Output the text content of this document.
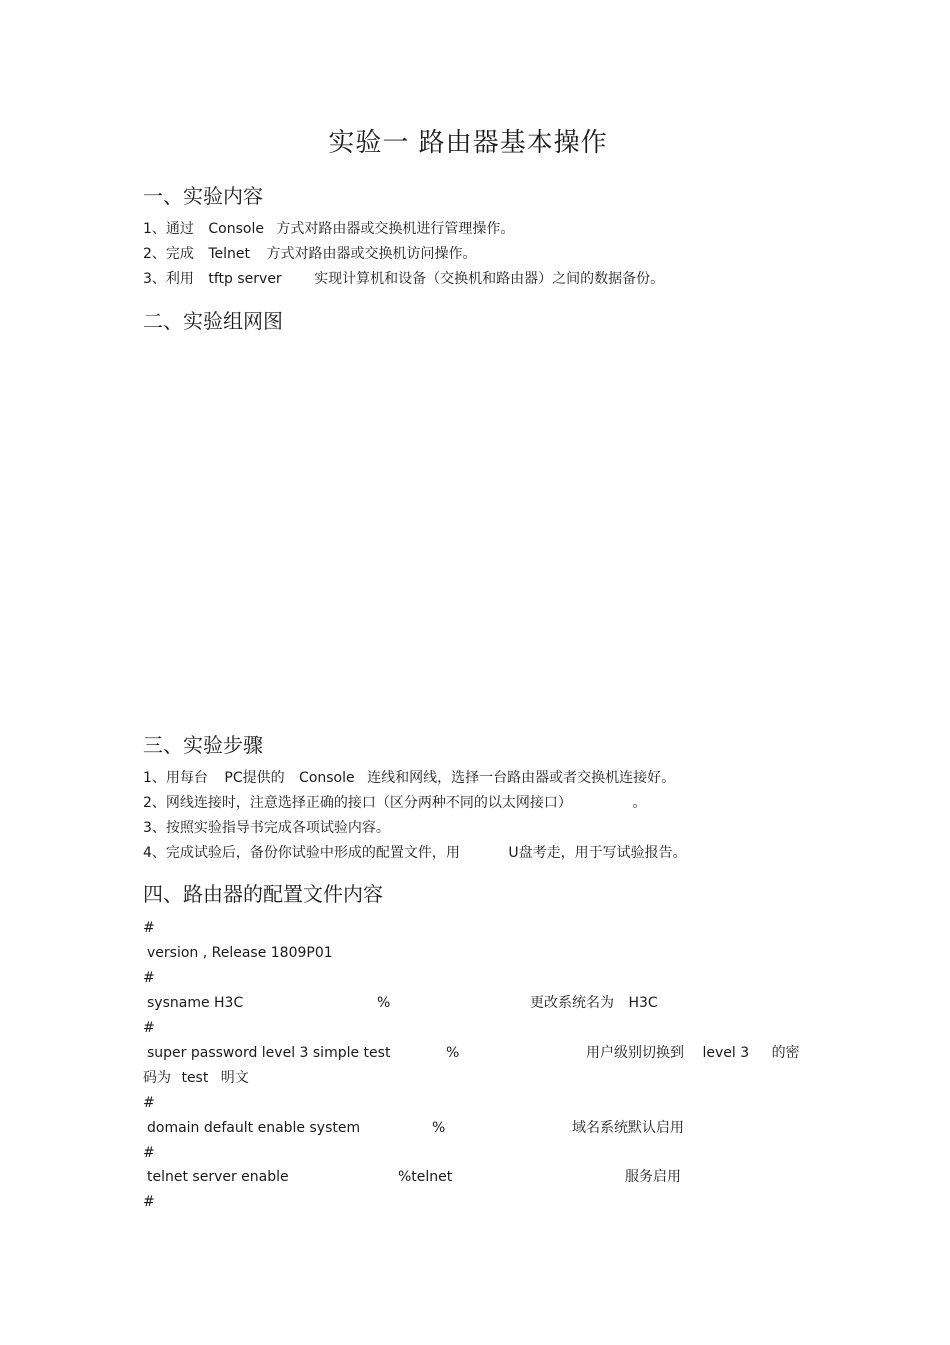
实验一 路由器基本操作
一、实验内容
1、通过 Console 方式对路由器或交换机进行管理操作。
2、完成 Telnet 方式对路由器或交换机访问操作。
3、利用 tftp server 实现计算机和设备（交换机和路由器）之间的数据备份。
二、实验组网图
三、实验步骤
1、用每台 PC提供的 Console 连线和网线，选择一台路由器或者交换机连接好。
2、网线连接时，注意选择正确的接口（区分两种不同的以太网接口）	。
3、按照实验指导书完成各项试验内容。
4、完成试验后，备份你试验中形成的配置文件，用	U盘考走，用于写试验报告。
四、路由器的配置文件内容
#
version , Release 1809P01
#
sysname H3C	%	更改系统名为 H3C
#
super password level 3 simple test	%	用户级别切换到 level 3 的密
码为 test 明文
#
domain default enable system	%	域名系统默认启用
#
telnet server enable	%telnet	服务启用
#
